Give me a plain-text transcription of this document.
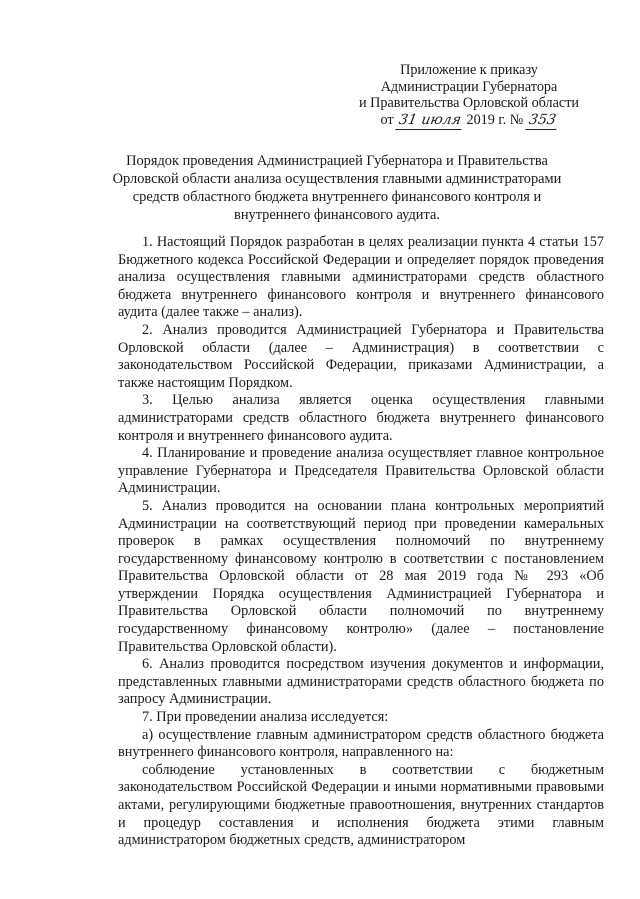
Приложение к приказу
Администрации Губернатора
и Правительства Орловской области
от 31 июля 2019 г. № 353
Порядок проведения Администрацией Губернатора и Правительства Орловской области анализа осуществления главными администраторами средств областного бюджета внутреннего финансового контроля и внутреннего финансового аудита.

1. Настоящий Порядок разработан в целях реализации пункта 4 статьи 157 Бюджетного кодекса Российской Федерации и определяет порядок проведения анализа осуществления главными администраторами средств областного бюджета внутреннего финансового контроля и внутреннего финансового аудита (далее также – анализ).

2. Анализ проводится Администрацией Губернатора и Правительства Орловской области (далее – Администрация) в соответствии с законодательством Российской Федерации, приказами Администрации, а также настоящим Порядком.

3. Целью анализа является оценка осуществления главными администраторами средств областного бюджета внутреннего финансового контроля и внутреннего финансового аудита.

4. Планирование и проведение анализа осуществляет главное контрольное управление Губернатора и Председателя Правительства Орловской области Администрации.

5. Анализ проводится на основании плана контрольных мероприятий Администрации на соответствующий период при проведении камеральных проверок в рамках осуществления полномочий по внутреннему государственному финансовому контролю в соответствии с постановлением Правительства Орловской области от 28 мая 2019 года № 293 «Об утверждении Порядка осуществления Администрацией Губернатора и Правительства Орловской области полномочий по внутреннему государственному финансовому контролю» (далее – постановление Правительства Орловской области).

6. Анализ проводится посредством изучения документов и информации, представленных главными администраторами средств областного бюджета по запросу Администрации.

7. При проведении анализа исследуется:

а) осуществление главным администратором средств областного бюджета внутреннего финансового контроля, направленного на:

соблюдение установленных в соответствии с бюджетным законодательством Российской Федерации и иными нормативными правовыми актами, регулирующими бюджетные правоотношения, внутренних стандартов и процедур составления и исполнения бюджета этими главным администратором бюджетных средств, администратором
